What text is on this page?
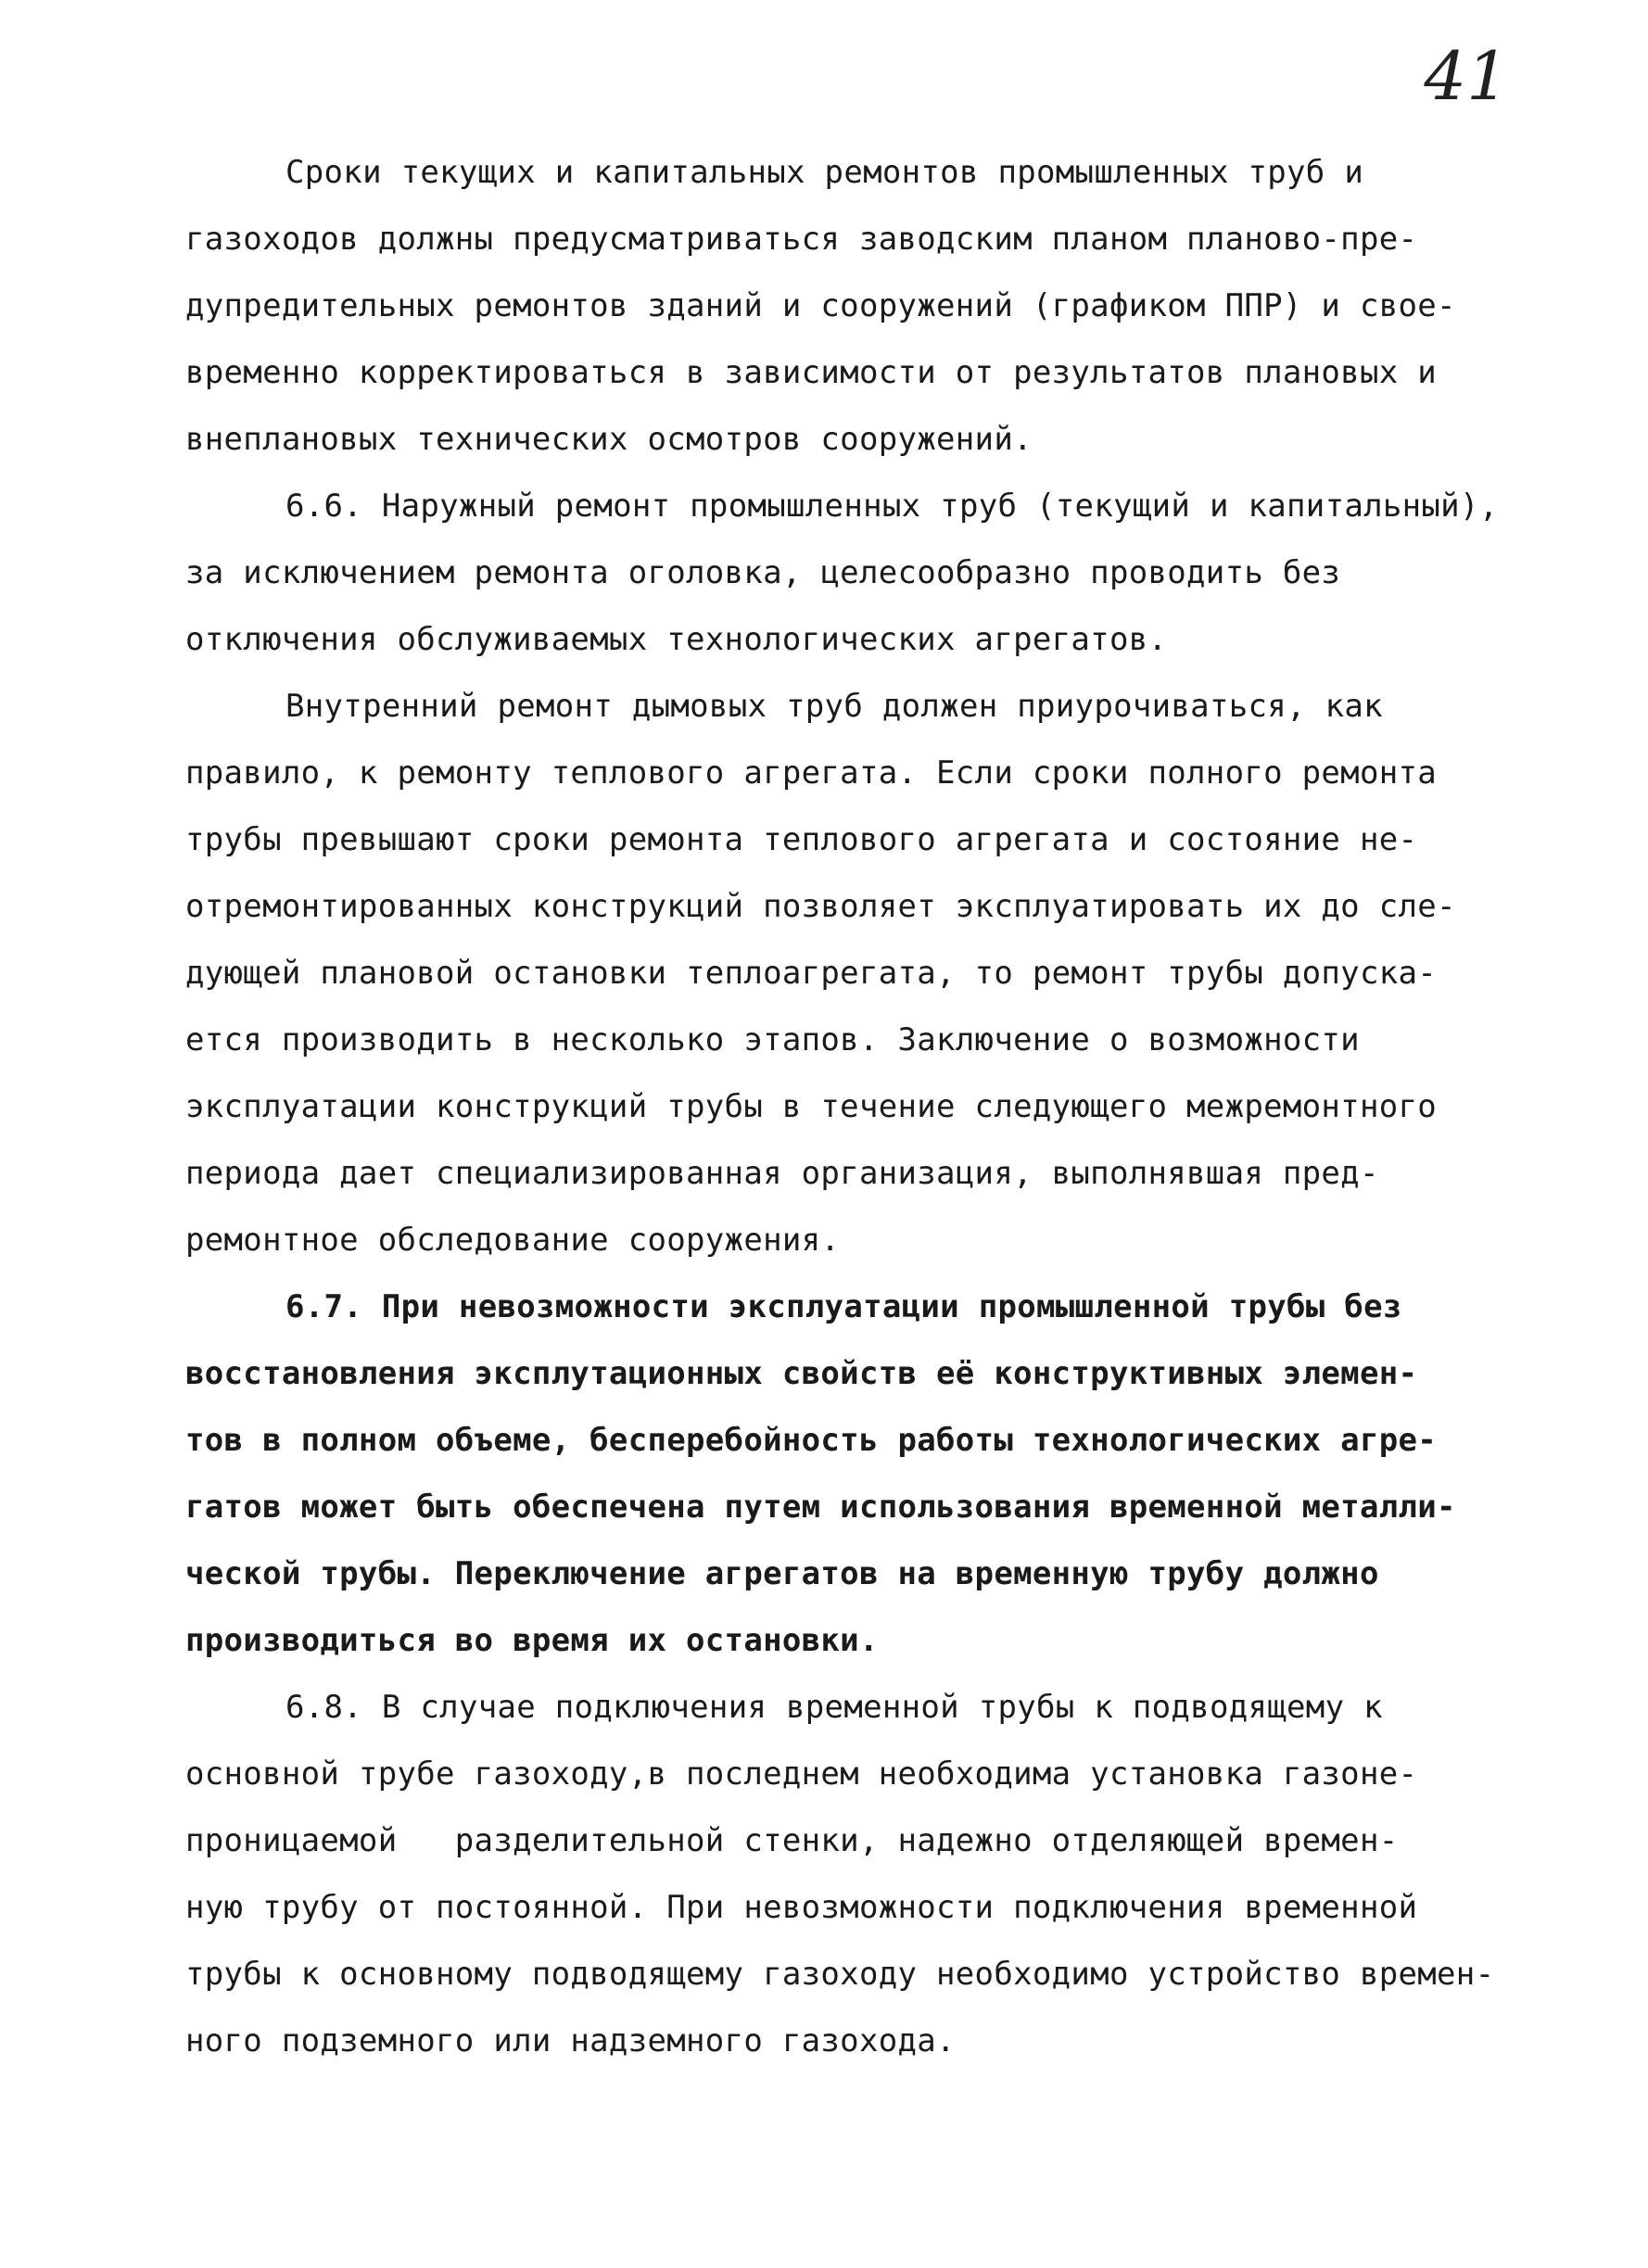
41
Сроки текущих и капитальных ремонтов промышленных труб и
газоходов должны предусматриваться заводским планом планово-пре-
дупредительных ремонтов зданий и сооружений (графиком ППР) и свое-
временно корректироваться в зависимости от результатов плановых и
внеплановых технических осмотров сооружений.
6.6. Наружный ремонт промышленных труб (текущий и капитальный),
за исключением ремонта оголовка, целесообразно проводить без
отключения обслуживаемых технологических агрегатов.
Внутренний ремонт дымовых труб должен приурочиваться, как
правило, к ремонту теплового агрегата. Если сроки полного ремонта
трубы превышают сроки ремонта теплового агрегата и состояние не-
отремонтированных конструкций позволяет эксплуатировать их до сле-
дующей плановой остановки теплоагрегата, то ремонт трубы допуска-
ется производить в несколько этапов. Заключение о возможности
эксплуатации конструкций трубы в течение следующего межремонтного
периода дает специализированная организация, выполнявшая пред-
ремонтное обследование сооружения.
6.7. При невозможности эксплуатации промышленной трубы без
восстановления эксплутационных свойств её конструктивных элемен-
тов в полном объеме, бесперебойность работы технологических агре-
гатов может быть обеспечена путем использования временной металли-
ческой трубы. Переключение агрегатов на временную трубу должно
производиться во время их остановки.
6.8. В случае подключения временной трубы к подводящему к
основной трубе газоходу,в последнем необходима установка газоне-
проницаемой   разделительной стенки, надежно отделяющей времен-
ную трубу от постоянной. При невозможности подключения временной
трубы к основному подводящему газоходу необходимо устройство времен-
ного подземного или надземного газохода.
